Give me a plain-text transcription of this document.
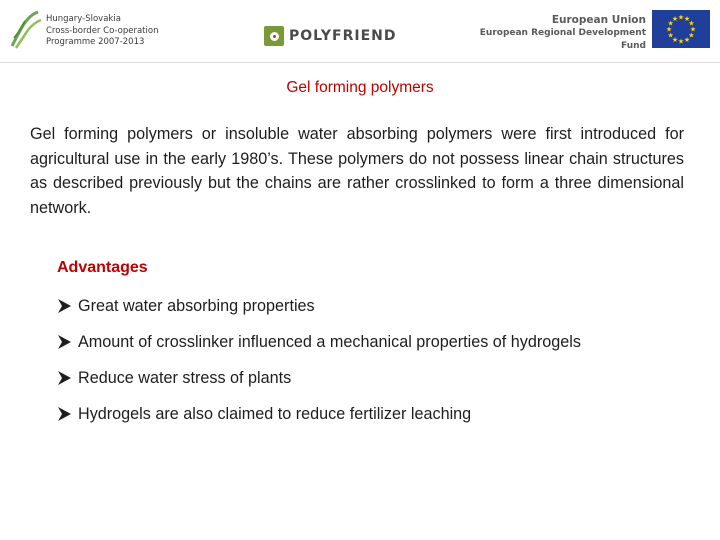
Hungary-Slovakia
Cross-border Co-operation
Programme 2007-2013	POLYFRIEND
European Union
European Regional Development Fund
★ ★
★
★
★
★
★
★
★
★
★
★
Gel forming polymers
Gel forming polymers or insoluble water absorbing polymers were first introduced for agricultural use in the early 1980’s. These polymers do not possess linear chain structures as described previously but the chains are rather crosslinked to form a three dimensional network.
Advantages
Great water absorbing properties
Amount of crosslinker influenced a mechanical properties of hydrogels
Reduce water stress of plants
Hydrogels are also claimed to reduce fertilizer leaching
